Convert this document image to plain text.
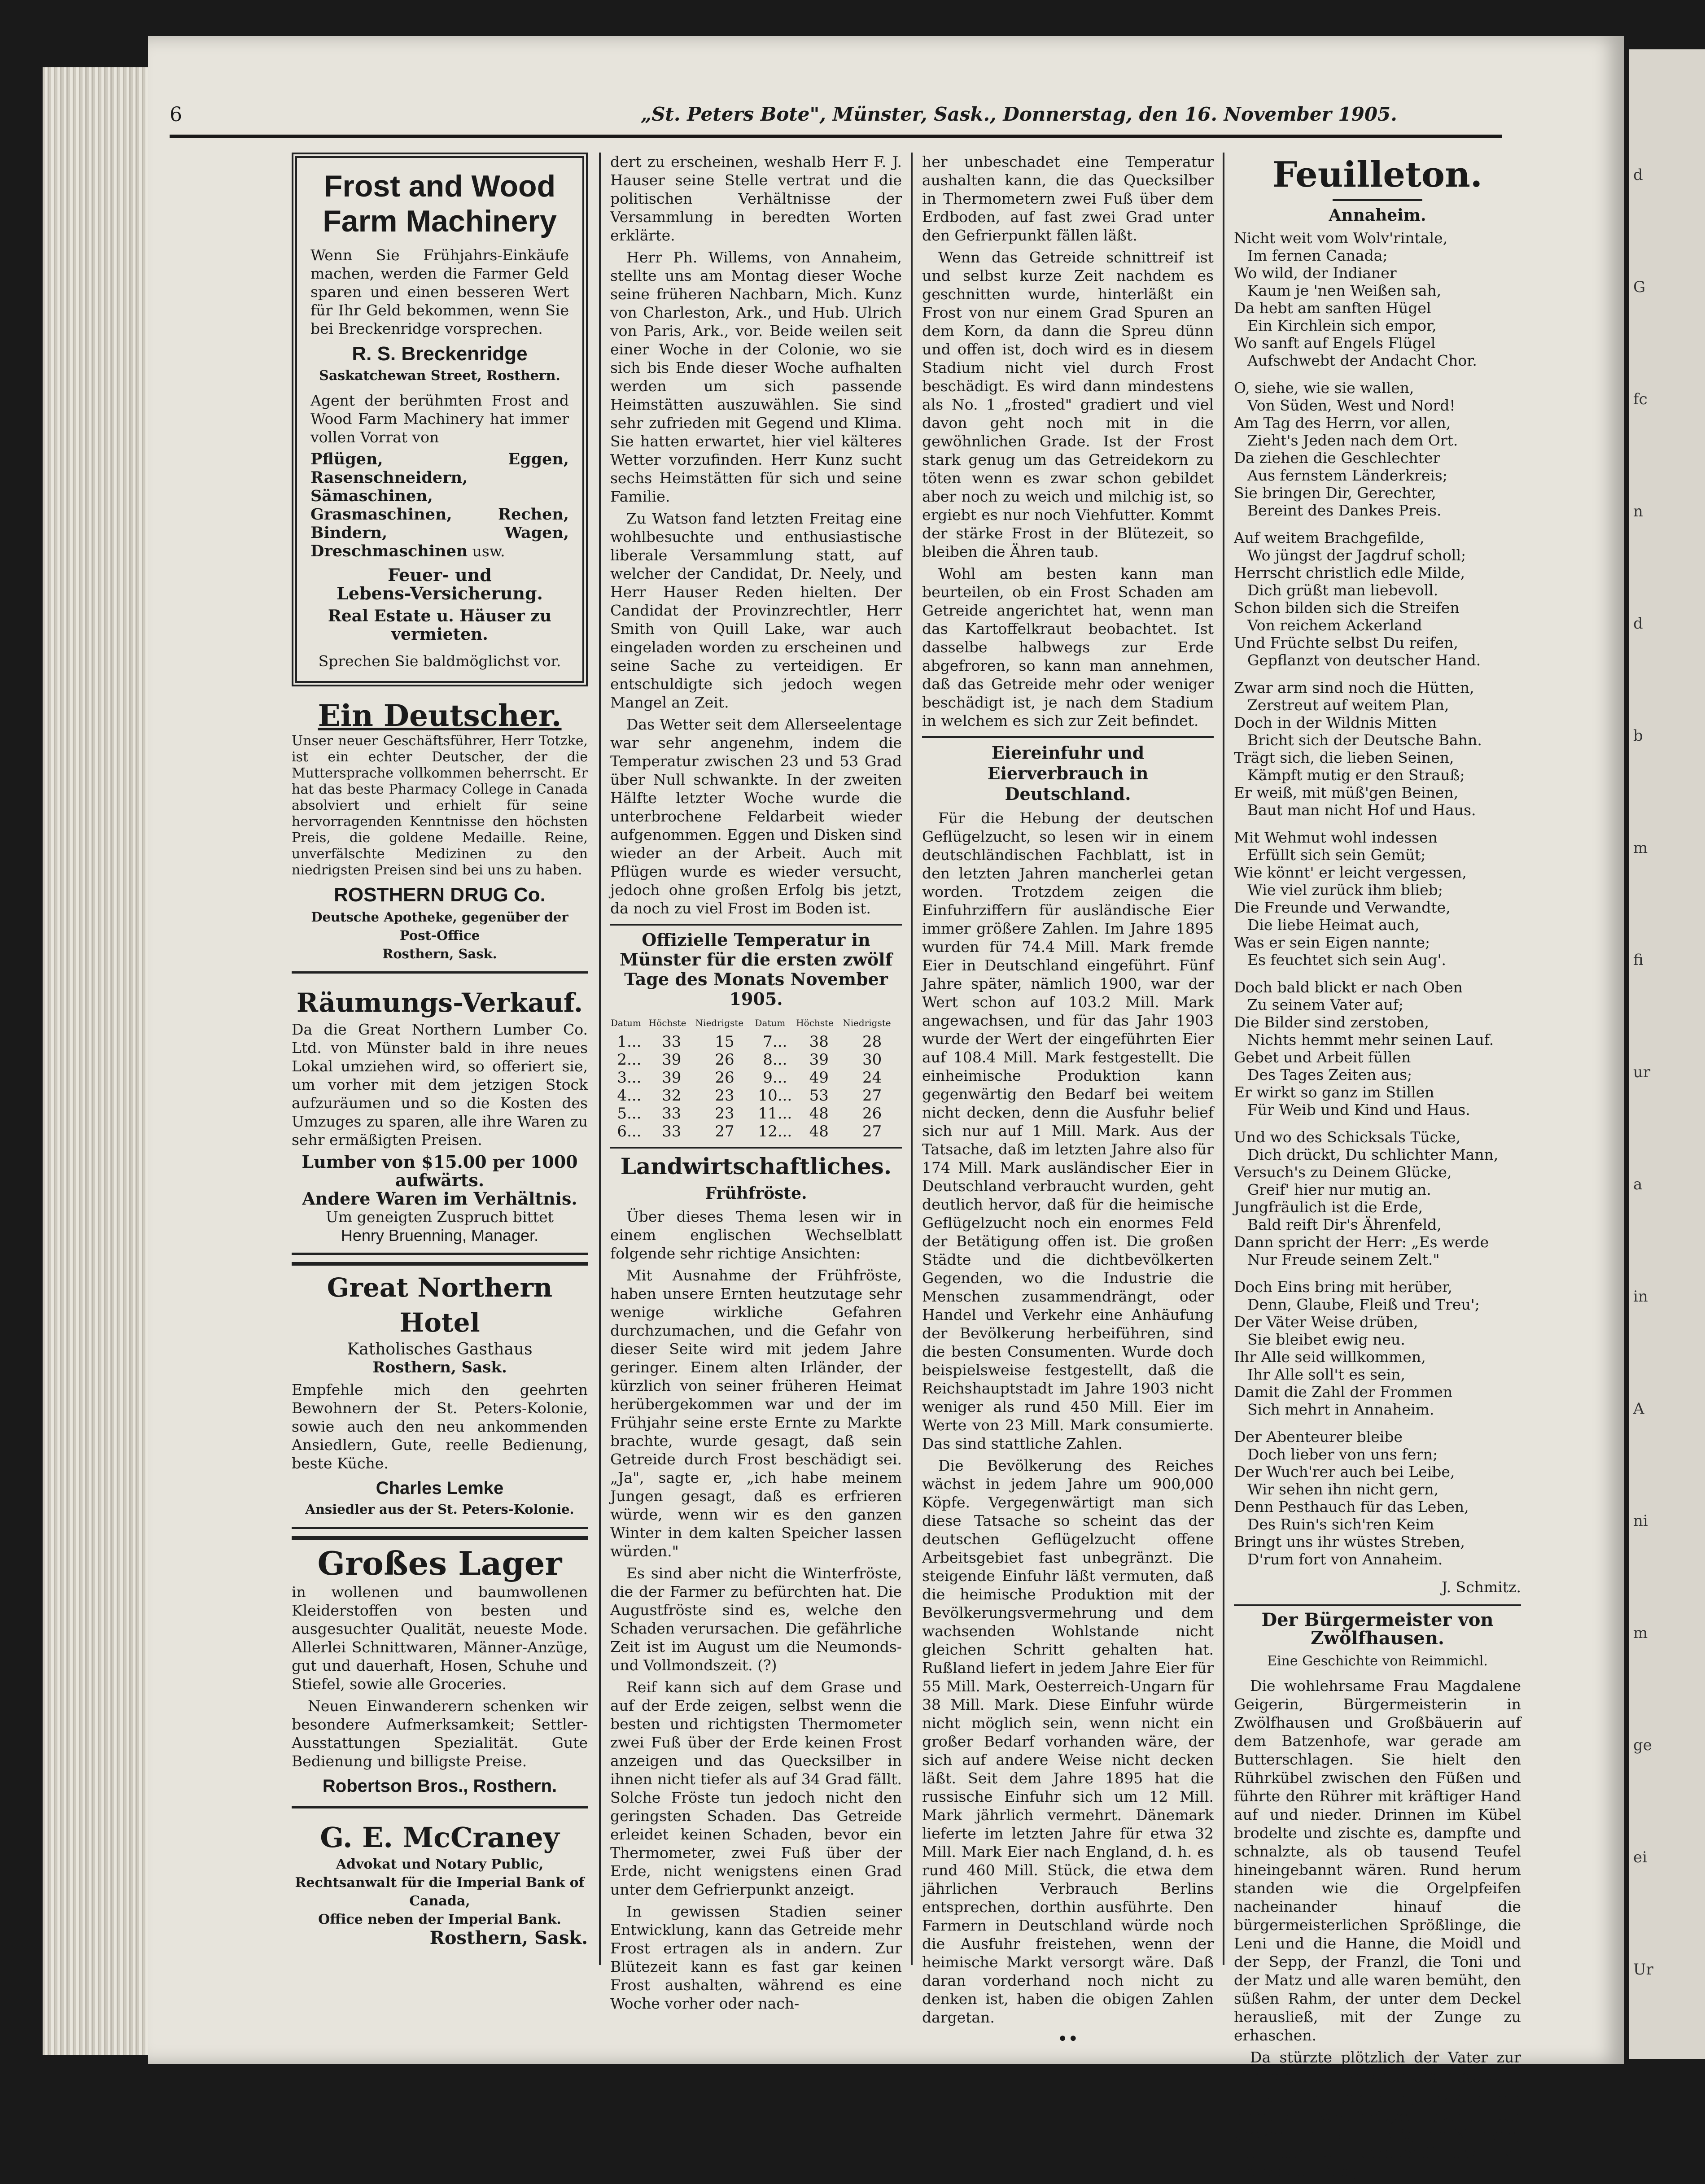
d
G
fc
n
d
b
m
fi
ur
a
in
A
ni
m
ge
ei
Ur
6	„St. Peters Bote", Münster, Sask., Donnerstag, den 16. November 1905.
Frost and Wood
Farm Machinery

Wenn Sie Frühjahrs-Einkäufe machen, werden die Farmer Geld sparen und einen besseren Wert für Ihr Geld bekommen, wenn Sie bei Breckenridge vorsprechen.

R. S. Breckenridge
Saskatchewan Street, Rosthern.

Agent der berühmten Frost and Wood Farm Machinery hat immer vollen Vorrat von

Pflügen, Eggen, Rasenschneidern, Sämaschinen, Grasmaschinen, Rechen, Bindern, Wagen, Dreschmaschinen usw.

Feuer- und
Lebens-Versicherung.
Real Estate u. Häuser zu vermieten.
Sprechen Sie baldmöglichst vor.
Ein Deutscher.

Unser neuer Geschäftsführer, Herr Totzke, ist ein echter Deutscher, der die Muttersprache vollkommen beherrscht. Er hat das beste Pharmacy College in Canada absolviert und erhielt für seine hervorragenden Kenntnisse den höchsten Preis, die goldene Medaille. Reine, unverfälschte Medizinen zu den niedrigsten Preisen sind bei uns zu haben.

ROSTHERN DRUG Co.
Deutsche Apotheke, gegenüber der Post-Office
Rosthern, Sask.
Räumungs-Verkauf.

Da die Great Northern Lumber Co. Ltd. von Münster bald in ihre neues Lokal umziehen wird, so offeriert sie, um vorher mit dem jetzigen Stock aufzuräumen und so die Kosten des Umzuges zu sparen, alle ihre Waren zu sehr ermäßigten Preisen.

Lumber von $15.00 per 1000
aufwärts.
Andere Waren im Verhältnis.
Um geneigten Zuspruch bittet
Henry Bruenning, Manager.
Great Northern Hotel
Katholisches Gasthaus
Rosthern, Sask.

Empfehle mich den geehrten Bewohnern der St. Peters-Kolonie, sowie auch den neu ankommenden Ansiedlern, Gute, reelle Bedienung, beste Küche.

Charles Lemke
Ansiedler aus der St. Peters-Kolonie.
Großes Lager

in wollenen und baumwollenen Kleiderstoffen von besten und ausgesuchter Qualität, neueste Mode. Allerlei Schnittwaren, Männer-Anzüge, gut und dauerhaft, Hosen, Schuhe und Stiefel, sowie alle Groceries.

Neuen Einwanderern schenken wir besondere Aufmerksamkeit; Settler-Ausstattungen Spezialität. Gute Bedienung und billigste Preise.

Robertson Bros., Rosthern.
G. E. McCraney
Advokat und Notary Public,
Rechtsanwalt für die Imperial Bank of Canada,
Office neben der Imperial Bank.
Rosthern, Sask.

dert zu erscheinen, weshalb Herr F. J. Hauser seine Stelle vertrat und die politischen Verhältnisse der Versammlung in beredten Worten erklärte.

Herr Ph. Willems, von Annaheim, stellte uns am Montag dieser Woche seine früheren Nachbarn, Mich. Kunz von Charleston, Ark., und Hub. Ulrich von Paris, Ark., vor. Beide weilen seit einer Woche in der Colonie, wo sie sich bis Ende dieser Woche aufhalten werden um sich passende Heimstätten auszuwählen. Sie sind sehr zufrieden mit Gegend und Klima. Sie hatten erwartet, hier viel kälteres Wetter vorzufinden. Herr Kunz sucht sechs Heimstätten für sich und seine Familie.

Zu Watson fand letzten Freitag eine wohlbesuchte und enthusiastische liberale Versammlung statt, auf welcher der Candidat, Dr. Neely, und Herr Hauser Reden hielten. Der Candidat der Provinzrechtler, Herr Smith von Quill Lake, war auch eingeladen worden zu erscheinen und seine Sache zu verteidigen. Er entschuldigte sich jedoch wegen Mangel an Zeit.

Das Wetter seit dem Allerseelentage war sehr angenehm, indem die Temperatur zwischen 23 und 53 Grad über Null schwankte. In der zweiten Hälfte letzter Woche wurde die unterbrochene Feldarbeit wieder aufgenommen. Eggen und Disken sind wieder an der Arbeit. Auch mit Pflügen wurde es wieder versucht, jedoch ohne großen Erfolg bis jetzt, da noch zu viel Frost im Boden ist.

Offizielle Temperatur in Münster für die ersten zwölf Tage des Monats November 1905.
Datum	Höchste	Niedrigste	Datum	Höchste	Niedrigste
1...	33	15	7...	38	28
2...	39	26	8...	39	30
3...	39	26	9...	49	24
4...	32	23	10...	53	27
5...	33	23	11...	48	26
6...	33	27	12...	48	27
Landwirtschaftliches.
Frühfröste.

Über dieses Thema lesen wir in einem englischen Wechselblatt folgende sehr richtige Ansichten:

Mit Ausnahme der Frühfröste, haben unsere Ernten heutzutage sehr wenige wirkliche Gefahren durchzumachen, und die Gefahr von dieser Seite wird mit jedem Jahre geringer. Einem alten Irländer, der kürzlich von seiner früheren Heimat herübergekommen war und der im Frühjahr seine erste Ernte zu Markte brachte, wurde gesagt, daß sein Getreide durch Frost beschädigt sei. „Ja", sagte er, „ich habe meinem Jungen gesagt, daß es erfrieren würde, wenn wir es den ganzen Winter in dem kalten Speicher lassen würden."

Es sind aber nicht die Winterfröste, die der Farmer zu befürchten hat. Die Augustfröste sind es, welche den Schaden verursachen. Die gefährliche Zeit ist im August um die Neumonds- und Vollmondszeit. (?)

Reif kann sich auf dem Grase und auf der Erde zeigen, selbst wenn die besten und richtigsten Thermometer zwei Fuß über der Erde keinen Frost anzeigen und das Quecksilber in ihnen nicht tiefer als auf 34 Grad fällt. Solche Fröste tun jedoch nicht den geringsten Schaden. Das Getreide erleidet keinen Schaden, bevor ein Thermometer, zwei Fuß über der Erde, nicht wenigstens einen Grad unter dem Gefrierpunkt anzeigt.

In gewissen Stadien seiner Entwicklung, kann das Getreide mehr Frost ertragen als in andern. Zur Blütezeit kann es fast gar keinen Frost aushalten, während es eine Woche vorher oder nach-

her unbeschadet eine Temperatur aushalten kann, die das Quecksilber in Thermometern zwei Fuß über dem Erdboden, auf fast zwei Grad unter den Gefrierpunkt fällen läßt.

Wenn das Getreide schnittreif ist und selbst kurze Zeit nachdem es geschnitten wurde, hinterläßt ein Frost von nur einem Grad Spuren an dem Korn, da dann die Spreu dünn und offen ist, doch wird es in diesem Stadium nicht viel durch Frost beschädigt. Es wird dann mindestens als No. 1 „frosted" gradiert und viel davon geht noch mit in die gewöhnlichen Grade. Ist der Frost stark genug um das Getreidekorn zu töten wenn es zwar schon gebildet aber noch zu weich und milchig ist, so ergiebt es nur noch Viehfutter. Kommt der stärke Frost in der Blütezeit, so bleiben die Ähren taub.

Wohl am besten kann man beurteilen, ob ein Frost Schaden am Getreide angerichtet hat, wenn man das Kartoffelkraut beobachtet. Ist dasselbe halbwegs zur Erde abgefroren, so kann man annehmen, daß das Getreide mehr oder weniger beschädigt ist, je nach dem Stadium in welchem es sich zur Zeit befindet.

Eiereinfuhr und Eierverbrauch in Deutschland.

Für die Hebung der deutschen Geflügelzucht, so lesen wir in einem deutschländischen Fachblatt, ist in den letzten Jahren mancherlei getan worden. Trotzdem zeigen die Einfuhrziffern für ausländische Eier immer größere Zahlen. Im Jahre 1895 wurden für 74.4 Mill. Mark fremde Eier in Deutschland eingeführt. Fünf Jahre später, nämlich 1900, war der Wert schon auf 103.2 Mill. Mark angewachsen, und für das Jahr 1903 wurde der Wert der eingeführten Eier auf 108.4 Mill. Mark festgestellt. Die einheimische Produktion kann gegenwärtig den Bedarf bei weitem nicht decken, denn die Ausfuhr belief sich nur auf 1 Mill. Mark. Aus der Tatsache, daß im letzten Jahre also für 174 Mill. Mark ausländischer Eier in Deutschland verbraucht wurden, geht deutlich hervor, daß für die heimische Geflügelzucht noch ein enormes Feld der Betätigung offen ist. Die großen Städte und die dichtbevölkerten Gegenden, wo die Industrie die Menschen zusammendrängt, oder Handel und Verkehr eine Anhäufung der Bevölkerung herbeiführen, sind die besten Consumenten. Wurde doch beispielsweise festgestellt, daß die Reichshauptstadt im Jahre 1903 nicht weniger als rund 450 Mill. Eier im Werte von 23 Mill. Mark consumierte. Das sind stattliche Zahlen.

Die Bevölkerung des Reiches wächst in jedem Jahre um 900,000 Köpfe. Vergegenwärtigt man sich diese Tatsache so scheint das der deutschen Geflügelzucht offene Arbeitsgebiet fast unbegränzt. Die steigende Einfuhr läßt vermuten, daß die heimische Produktion mit der Bevölkerungsvermehrung und dem wachsenden Wohlstande nicht gleichen Schritt gehalten hat. Rußland liefert in jedem Jahre Eier für 55 Mill. Mark, Oesterreich-Ungarn für 38 Mill. Mark. Diese Einfuhr würde nicht möglich sein, wenn nicht ein großer Bedarf vorhanden wäre, der sich auf andere Weise nicht decken läßt. Seit dem Jahre 1895 hat die russische Einfuhr sich um 12 Mill. Mark jährlich vermehrt. Dänemark lieferte im letzten Jahre für etwa 32 Mill. Mark Eier nach England, d. h. es rund 460 Mill. Stück, die etwa dem jährlichen Verbrauch Berlins entsprechen, dorthin ausführte. Den Farmern in Deutschland würde noch die Ausfuhr freistehen, wenn der heimische Markt versorgt wäre. Daß daran vorderhand noch nicht zu denken ist, haben die obigen Zahlen dargetan.

••
Feuilleton.
Annaheim.
Nicht weit vom Wolv'rintale,
Im fernen Canada;
Wo wild, der Indianer
Kaum je 'nen Weißen sah,
Da hebt am sanften Hügel
Ein Kirchlein sich empor,
Wo sanft auf Engels Flügel
Aufschwebt der Andacht Chor.
O, siehe, wie sie wallen,
Von Süden, West und Nord!
Am Tag des Herrn, vor allen,
Zieht's Jeden nach dem Ort.
Da ziehen die Geschlechter
Aus fernstem Länderkreis;
Sie bringen Dir, Gerechter,
Bereint des Dankes Preis.
Auf weitem Brachgefilde,
Wo jüngst der Jagdruf scholl;
Herrscht christlich edle Milde,
Dich grüßt man liebevoll.
Schon bilden sich die Streifen
Von reichem Ackerland
Und Früchte selbst Du reifen,
Gepflanzt von deutscher Hand.
Zwar arm sind noch die Hütten,
Zerstreut auf weitem Plan,
Doch in der Wildnis Mitten
Bricht sich der Deutsche Bahn.
Trägt sich, die lieben Seinen,
Kämpft mutig er den Strauß;
Er weiß, mit müß'gen Beinen,
Baut man nicht Hof und Haus.
Mit Wehmut wohl indessen
Erfüllt sich sein Gemüt;
Wie könnt' er leicht vergessen,
Wie viel zurück ihm blieb;
Die Freunde und Verwandte,
Die liebe Heimat auch,
Was er sein Eigen nannte;
Es feuchtet sich sein Aug'.
Doch bald blickt er nach Oben
Zu seinem Vater auf;
Die Bilder sind zerstoben,
Nichts hemmt mehr seinen Lauf.
Gebet und Arbeit füllen
Des Tages Zeiten aus;
Er wirkt so ganz im Stillen
Für Weib und Kind und Haus.
Und wo des Schicksals Tücke,
Dich drückt, Du schlichter Mann,
Versuch's zu Deinem Glücke,
Greif' hier nur mutig an.
Jungfräulich ist die Erde,
Bald reift Dir's Ährenfeld,
Dann spricht der Herr: „Es werde
Nur Freude seinem Zelt."
Doch Eins bring mit herüber,
Denn, Glaube, Fleiß und Treu';
Der Väter Weise drüben,
Sie bleibet ewig neu.
Ihr Alle seid willkommen,
Ihr Alle soll't es sein,
Damit die Zahl der Frommen
Sich mehrt in Annaheim.
Der Abenteurer bleibe
Doch lieber von uns fern;
Der Wuch'rer auch bei Leibe,
Wir sehen ihn nicht gern,
Denn Pesthauch für das Leben,
Des Ruin's sich'ren Keim
Bringt uns ihr wüstes Streben,
D'rum fort von Annaheim.
J. Schmitz.
Der Bürgermeister von Zwölfhausen.
Eine Geschichte von Reimmichl.

Die wohlehrsame Frau Magdalene Geigerin, Bürgermeisterin in Zwölfhausen und Großbäuerin auf dem Batzenhofe, war gerade am Butterschlagen. Sie hielt den Rührkübel zwischen den Füßen und führte den Rührer mit kräftiger Hand auf und nieder. Drinnen im Kübel brodelte und zischte es, dampfte und schnalzte, als ob tausend Teufel hineingebannt wären. Rund herum standen wie die Orgelpfeifen nacheinander hinauf die bürgermeisterlichen Sprößlinge, die Leni und die Hanne, die Moidl und der Sepp, der Franzl, die Toni und der Matz und alle waren bemüht, den süßen Rahm, der unter dem Deckel herausließ, mit der Zunge zu erhaschen.

Da stürzte plötzlich der Vater zur Tür herein. Er keuchte und pustete.

„Du Alte", schrie er, „hast schon gehört? Uebermorgen kommt ein großer Herr vom Hofe, ein Minister, um unsere Bachregulierung zu visitieren... Alte,
